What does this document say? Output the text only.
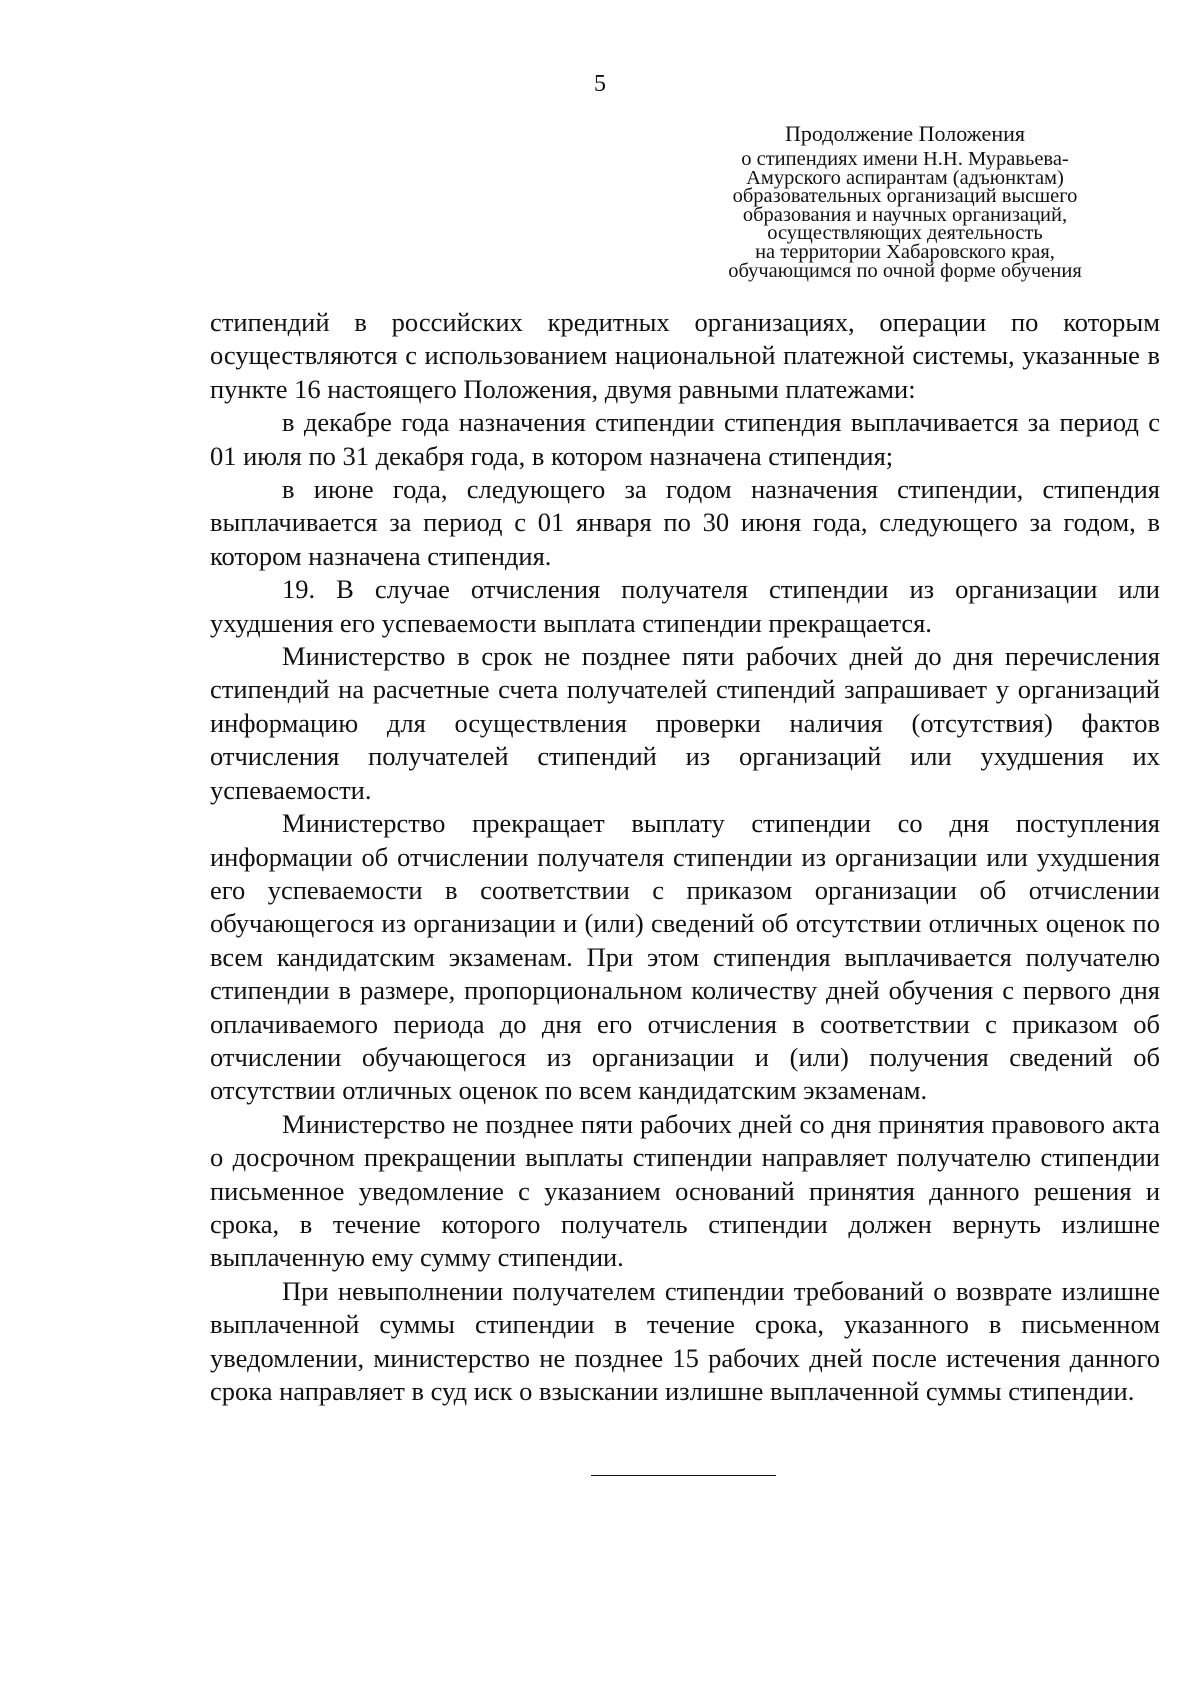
5
Продолжение Положения
о стипендиях имени Н.Н. Муравьева-
Амурского аспирантам (адъюнктам)
образовательных организаций высшего
образования и научных организаций,
осуществляющих деятельность
на территории Хабаровского края,
обучающимся по очной форме обучения

стипендий в российских кредитных организациях, операции по которым осуществляются с использованием национальной платежной системы, указанные в пункте 16 настоящего Положения, двумя равными платежами:

в декабре года назначения стипендии стипендия выплачивается за период с 01 июля по 31 декабря года, в котором назначена стипендия;

в июне года, следующего за годом назначения стипендии, стипендия выплачивается за период с 01 января по 30 июня года, следующего за годом, в котором назначена стипендия.

19. В случае отчисления получателя стипендии из организации или ухудшения его успеваемости выплата стипендии прекращается.

Министерство в срок не позднее пяти рабочих дней до дня перечисления стипендий на расчетные счета получателей стипендий запрашивает у организаций информацию для осуществления проверки наличия (отсутствия) фактов отчисления получателей стипендий из организаций или ухудшения их успеваемости.

Министерство прекращает выплату стипендии со дня поступления информации об отчислении получателя стипендии из организации или ухудшения его успеваемости в соответствии с приказом организации об отчислении обучающегося из организации и (или) сведений об отсутствии отличных оценок по всем кандидатским экзаменам. При этом стипендия выплачивается получателю стипендии в размере, пропорциональном количеству дней обучения с первого дня оплачиваемого периода до дня его отчисления в соответствии с приказом об отчислении обучающегося из организации и (или) получения сведений об отсутствии отличных оценок по всем кандидатским экзаменам.

Министерство не позднее пяти рабочих дней со дня принятия правового акта о досрочном прекращении выплаты стипендии направляет получателю стипендии письменное уведомление с указанием оснований принятия данного решения и срока, в течение которого получатель стипендии должен вернуть излишне выплаченную ему сумму стипендии.

При невыполнении получателем стипендии требований о возврате излишне выплаченной суммы стипендии в течение срока, указанного в письменном уведомлении, министерство не позднее 15 рабочих дней после истечения данного срока направляет в суд иск о взыскании излишне выплаченной суммы стипендии.
